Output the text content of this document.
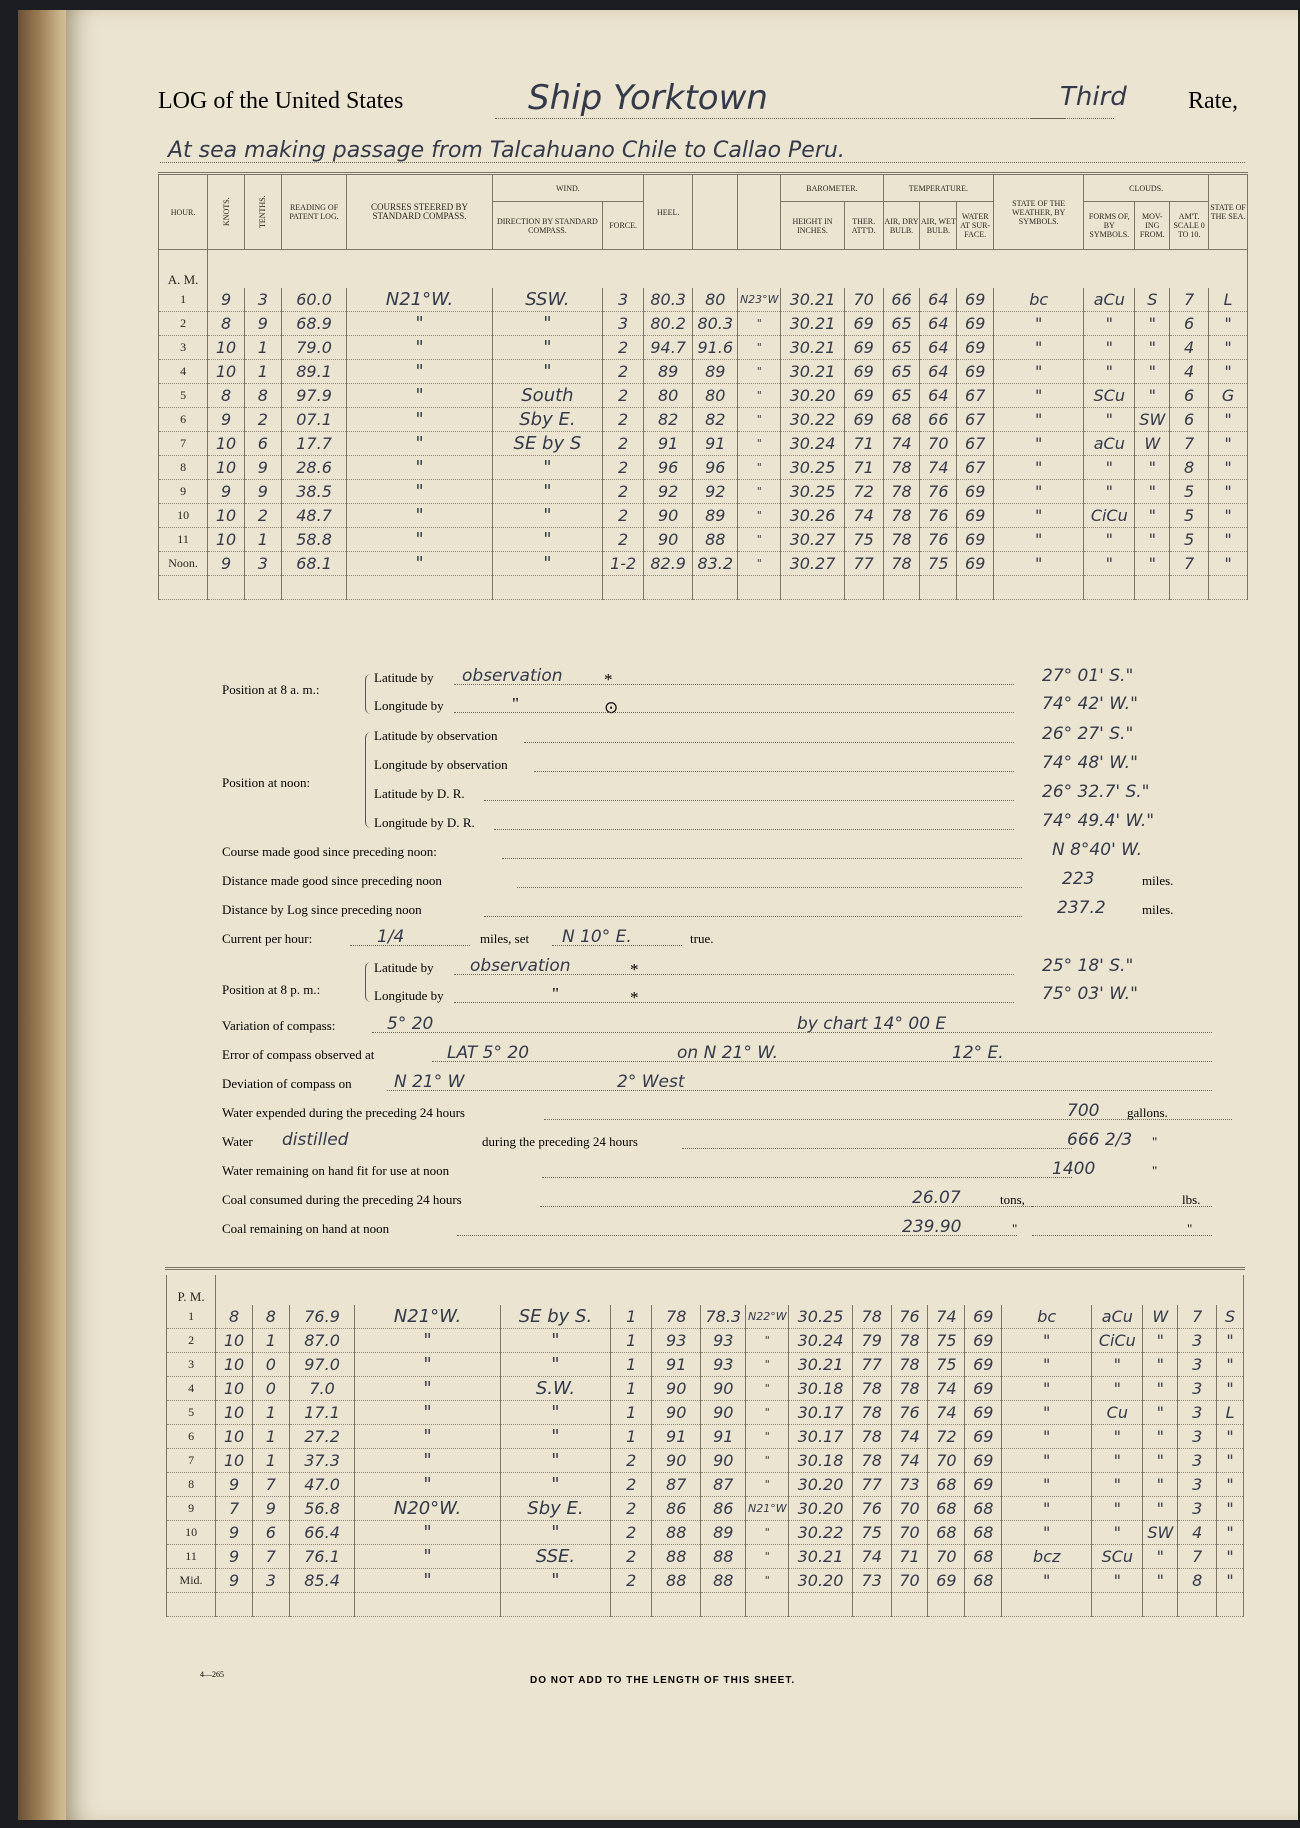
LOG of the United States	Ship Yorktown	Third	Rate,
At sea making passage from Talcahuano Chile to Callao Peru.
HOUR.	KNOTS.	TENTHS.	READING OF PATENT LOG.	COURSES STEERED BY STANDARD COMPASS.	WIND.		HEEL.			BAROMETER.		TEMPERATURE.			STATE OF THE WEATHER, BY SYMBOLS.	CLOUDS.			STATE OF THE SEA.
					DIRECTION BY STANDARD COMPASS.	FORCE.				HEIGHT IN INCHES.	THER. ATT'D.	AIR, DRY BULB.	AIR, WET BULB.	WATER AT SUR-FACE.		FORMS OF, BY SYMBOLS.	MOV-ING FROM.	AM'T. SCALE 0 TO 10.	
A. M.																			
1	9	3	60.0	N21°W.	SSW.	3	80.3	80	N23°W	30.21	70	66	64	69	bc	aCu	S	7	L
2	8	9	68.9	"	"	3	80.2	80.3	"	30.21	69	65	64	69	"	"	"	6	"
3	10	1	79.0	"	"	2	94.7	91.6	"	30.21	69	65	64	69	"	"	"	4	"
4	10	1	89.1	"	"	2	89	89	"	30.21	69	65	64	69	"	"	"	4	"
5	8	8	97.9	"	South	2	80	80	"	30.20	69	65	64	67	"	SCu	"	6	G
6	9	2	07.1	"	Sby E.	2	82	82	"	30.22	69	68	66	67	"	"	SW	6	"
7	10	6	17.7	"	SE by S	2	91	91	"	30.24	71	74	70	67	"	aCu	W	7	"
8	10	9	28.6	"	"	2	96	96	"	30.25	71	78	74	67	"	"	"	8	"
9	9	9	38.5	"	"	2	92	92	"	30.25	72	78	76	69	"	"	"	5	"
10	10	2	48.7	"	"	2	90	89	"	30.26	74	78	76	69	"	CiCu	"	5	"
11	10	1	58.8	"	"	2	90	88	"	30.27	75	78	76	69	"	"	"	5	"
Noon.	9	3	68.1	"	"	1-2	82.9	83.2	"	30.27	77	78	75	69	"	"	"	7	"

Position at 8 a. m.:
Latitude by observation *	27° 01' S."
Longitude by	"	⊙	74° 42' W."
Position at noon:
Latitude by observation	26° 27' S."
Longitude by observation	74° 48' W."
Latitude by D. R.	26° 32.7' S."
Longitude by D. R.	74° 49.4' W."
Course made good since preceding noon:	N 8°40' W.
Distance made good since preceding noon	223	miles.
Distance by Log since preceding noon	237.2	miles.
Current per hour:	1/4	miles, set N 10° E.	true.
Position at 8 p. m.:
Latitude by observation	*	25° 18' S."
Longitude by	"	*	75° 03' W."
Variation of compass:	5° 20	by chart 14° 00 E
Error of compass observed at	LAT 5° 20	on N 21° W.	12° E.
Deviation of compass on N 21° W	2° West
Water expended during the preceding 24 hours	700 gallons.
Water distilled	during the preceding 24 hours	666 2/3 "
Water remaining on hand fit for use at noon	1400	"
Coal consumed during the preceding 24 hours	26.07	tons,	lbs.
Coal remaining on hand at noon	239.90	"	"
P. M.																			
1	8	8	76.9	N21°W.	SE by S.	1	78	78.3	N22°W	30.25	78	76	74	69	bc	aCu	W	7	S
2	10	1	87.0	"	"	1	93	93	"	30.24	79	78	75	69	"	CiCu	"	3	"
3	10	0	97.0	"	"	1	91	93	"	30.21	77	78	75	69	"	"	"	3	"
4	10	0	7.0	"	S.W.	1	90	90	"	30.18	78	78	74	69	"	"	"	3	"
5	10	1	17.1	"	"	1	90	90	"	30.17	78	76	74	69	"	Cu	"	3	L
6	10	1	27.2	"	"	1	91	91	"	30.17	78	74	72	69	"	"	"	3	"
7	10	1	37.3	"	"	2	90	90	"	30.18	78	74	70	69	"	"	"	3	"
8	9	7	47.0	"	"	2	87	87	"	30.20	77	73	68	69	"	"	"	3	"
9	7	9	56.8	N20°W.	Sby E.	2	86	86	N21°W	30.20	76	70	68	68	"	"	"	3	"
10	9	6	66.4	"	"	2	88	89	"	30.22	75	70	68	68	"	"	SW	4	"
11	9	7	76.1	"	SSE.	2	88	88	"	30.21	74	71	70	68	bcz	SCu	"	7	"
Mid.	9	3	85.4	"	"	2	88	88	"	30.20	73	70	69	68	"	"	"	8	"

4—265
DO NOT ADD TO THE LENGTH OF THIS SHEET.
